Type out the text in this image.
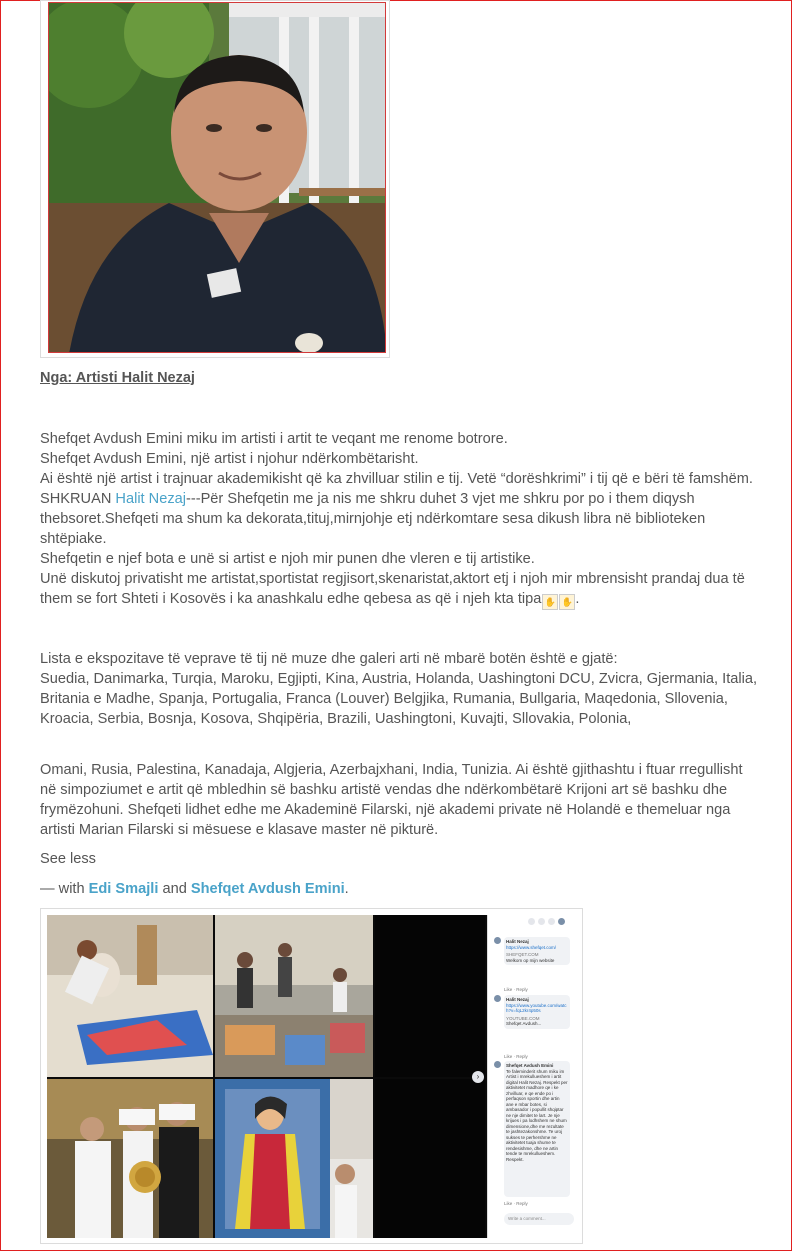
Nga: Artisti Halit Nezaj

Shefqet Avdush Emini miku im artisti i artit te veqant me renome botrore.

Shefqet Avdush Emini, një artist i njohur ndërkombëtarisht.

Ai është një artist i trajnuar akademikisht që ka zhvilluar stilin e tij. Vetë “dorëshkrimi” i tij që e bëri të famshëm.

SHKRUAN Halit Nezaj---Për Shefqetin me ja nis me shkru duhet 3 vjet me shkru por po i them diqysh thebsoret.Shefqeti ma shum ka dekorata,tituj,mirnjohje etj ndërkomtare sesa dikush libra në biblioteken shtëpiake.

Shefqetin e njef bota e unë si artist e njoh mir punen dhe vleren e tij artistike.

Unë diskutoj privatisht me artistat,sportistat regjisort,skenaristat,aktort etj i njoh mir mbrensisht prandaj dua të them se fort Shteti i Kosovës i ka anashkalu edhe qebesa as që i njeh kta tipa ✋ ✋ .

Lista e ekspozitave të veprave të tij në muze dhe galeri arti në mbarë botën është e gjatë:

Suedia, Danimarka, Turqia, Maroku, Egjipti, Kina, Austria, Holanda, Uashingtoni DCU, Zvicra, Gjermania, Italia, Britania e Madhe, Spanja, Portugalia, Franca (Louver) Belgjika, Rumania, Bullgaria, Maqedonia, Sllovenia, Kroacia, Serbia, Bosnja, Kosova, Shqipëria, Brazili, Uashingtoni, Kuvajti, Sllovakia, Polonia,

Omani, Rusia, Palestina, Kanadaja, Algjeria, Azerbajxhani, India, Tunizia. Ai është gjithashtu i ftuar rregullisht në simpoziumet e artit që mbledhin së bashku artistë vendas dhe ndërkombëtarë Krijoni art së bashku dhe frymëzohuni. Shefqeti lidhet edhe me Akademinë Filarski, një akademi private në Holandë e themeluar nga artisti Marian Filarski si mësuese e klasave master në pikturë.

See less
— with Edi Smajli and Shefqet Avdush Emini.
›
Halit Nezaj
https://www.shefqet.com/
SHEFQET.COM
Welkom op mijn website
Like · Reply
Halit Nezaj
https://www.youtube.com/watch?v=fqL2kr4p50s
YOUTUBE.COM
Shefqet Avdush...
Like · Reply
Shefqet Avdush Emini
Te faleminderit shum miku im Artist i mrekullueshem i artit digital Halit Nezaj. Respekt per aktivitetet madhore qe i ke zhvilluar, e qe ende po i perfaqson sportin dhe artin ane e mbar botes, si ambasador i popullit shqiptar ne nje dimitet te lart. Je nje krijues i pa lodhshem ne shum dimensione,dhe me rezultate te jashtezakonshme. Te uroj sukses te perhershme ne aktivitetet tuaja shume te rendesishme, dhe ne artin tende te mrekullueshem. Respekt.
Like · Reply
Write a comment...
